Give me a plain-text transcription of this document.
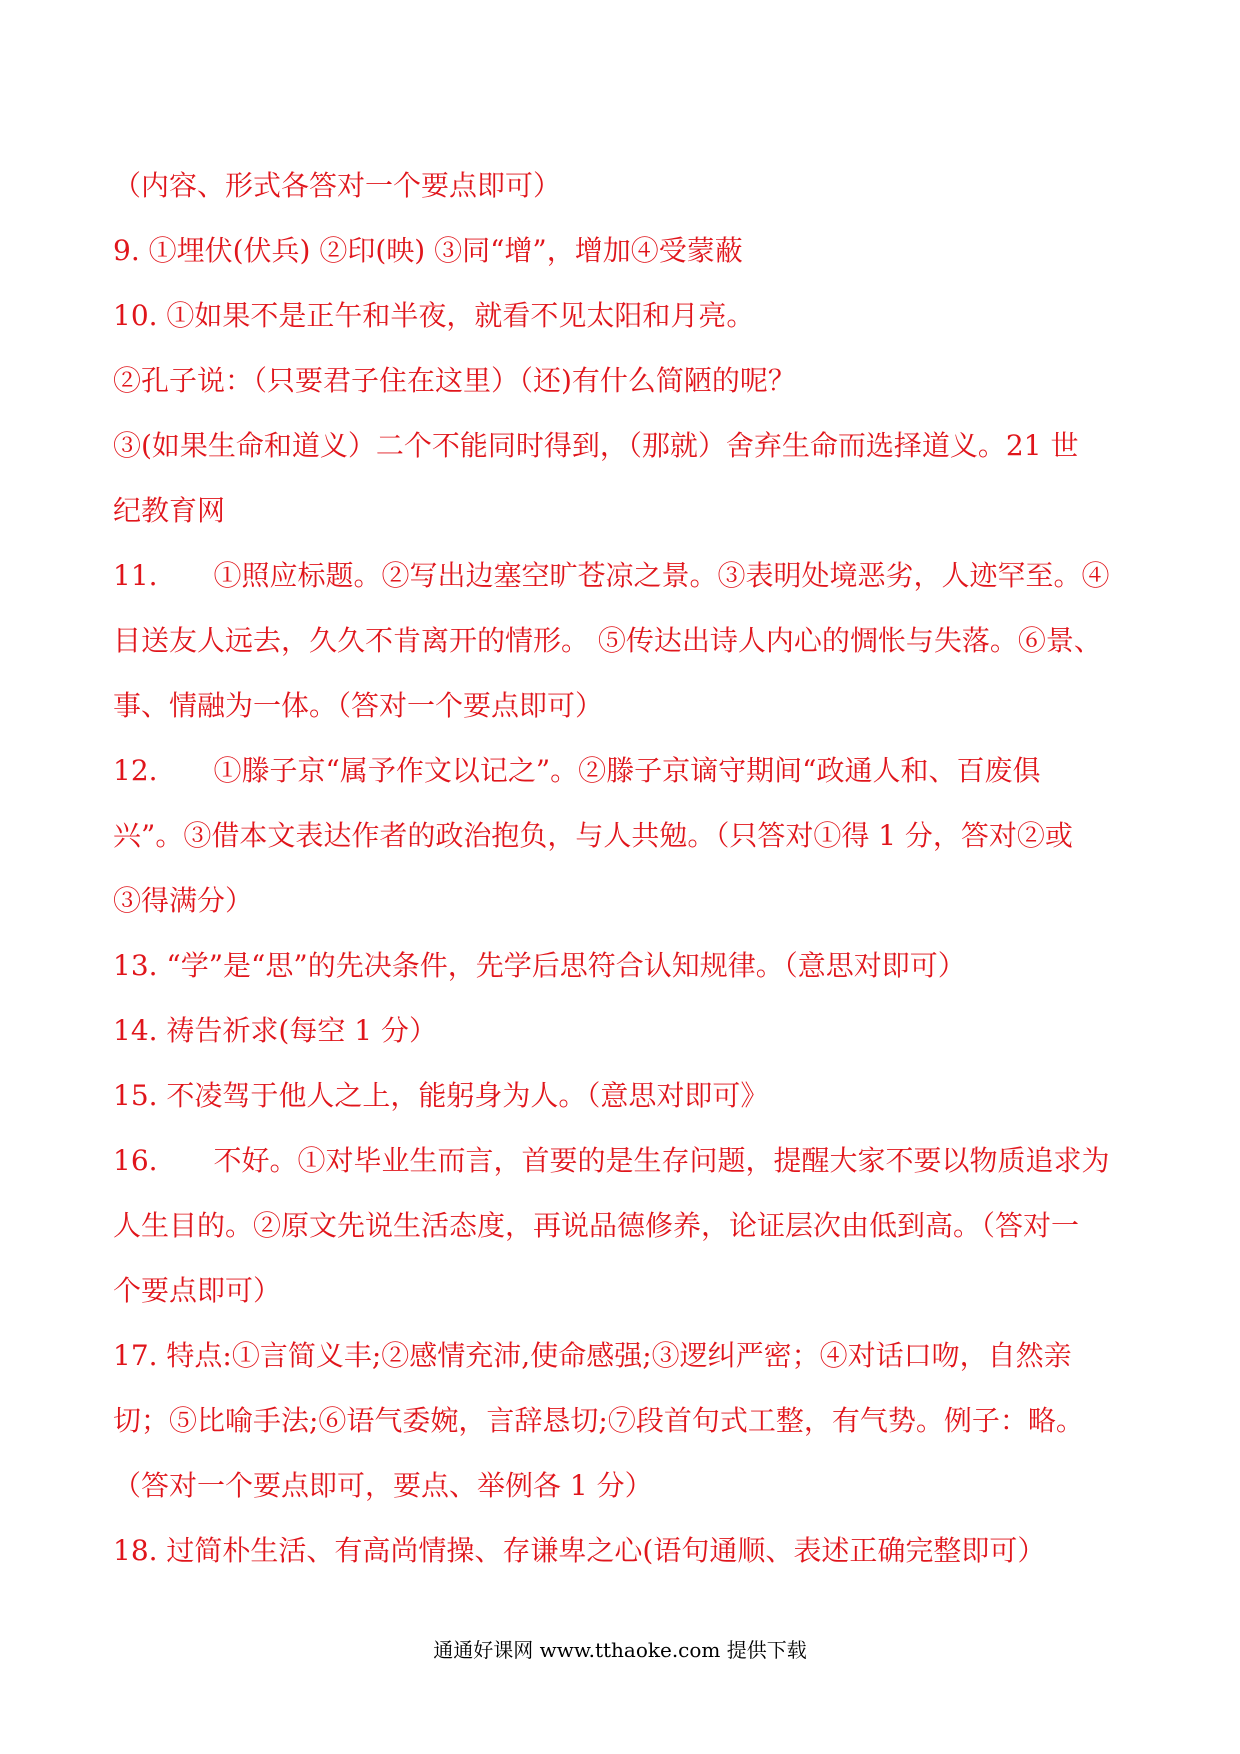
（内容、形式各答对一个要点即可）
9. ①埋伏(伏兵) ②印(映) ③同“增”，增加④受蒙蔽
10. ①如果不是正午和半夜，就看不见太阳和月亮。
②孔子说：（只要君子住在这里）（还)有什么简陋的呢？
③(如果生命和道义）二个不能同时得到，（那就）舍弃生命而选择道义。21 世
纪教育网
11.　　①照应标题。②写出边塞空旷苍凉之景。③表明处境恶劣，人迹罕至。④
目送友人远去，久久不肯离开的情形。 ⑤传达出诗人内心的惆怅与失落。⑥景、
事、情融为一体。（答对一个要点即可）
12.　　①滕子京“属予作文以记之”。②滕子京谪守期间“政通人和、百废俱
兴”。③借本文表达作者的政治抱负，与人共勉。（只答对①得 1 分，答对②或
③得满分）
13. “学”是“思”的先决条件，先学后思符合认知规律。（意思对即可）
14. 祷告祈求(每空 1 分）
15. 不凌驾于他人之上，能躬身为人。（意思对即可》
16.　　不好。①对毕业生而言，首要的是生存问题，提醒大家不要以物质追求为
人生目的。②原文先说生活态度，再说品德修养，论证层次由低到高。（答对一
个要点即可）
17. 特点:①言简义丰;②感情充沛,使命感强;③逻纠严密；④对话口吻，自然亲
切；⑤比喻手法;⑥语气委婉，言辞恳切;⑦段首句式工整，有气势。例子：略。
（答对一个要点即可，要点、举例各 1 分）
18. 过简朴生活、有高尚情操、存谦卑之心(语句通顺、表述正确完整即可）
通通好课网 www.tthaoke.com 提供下载
